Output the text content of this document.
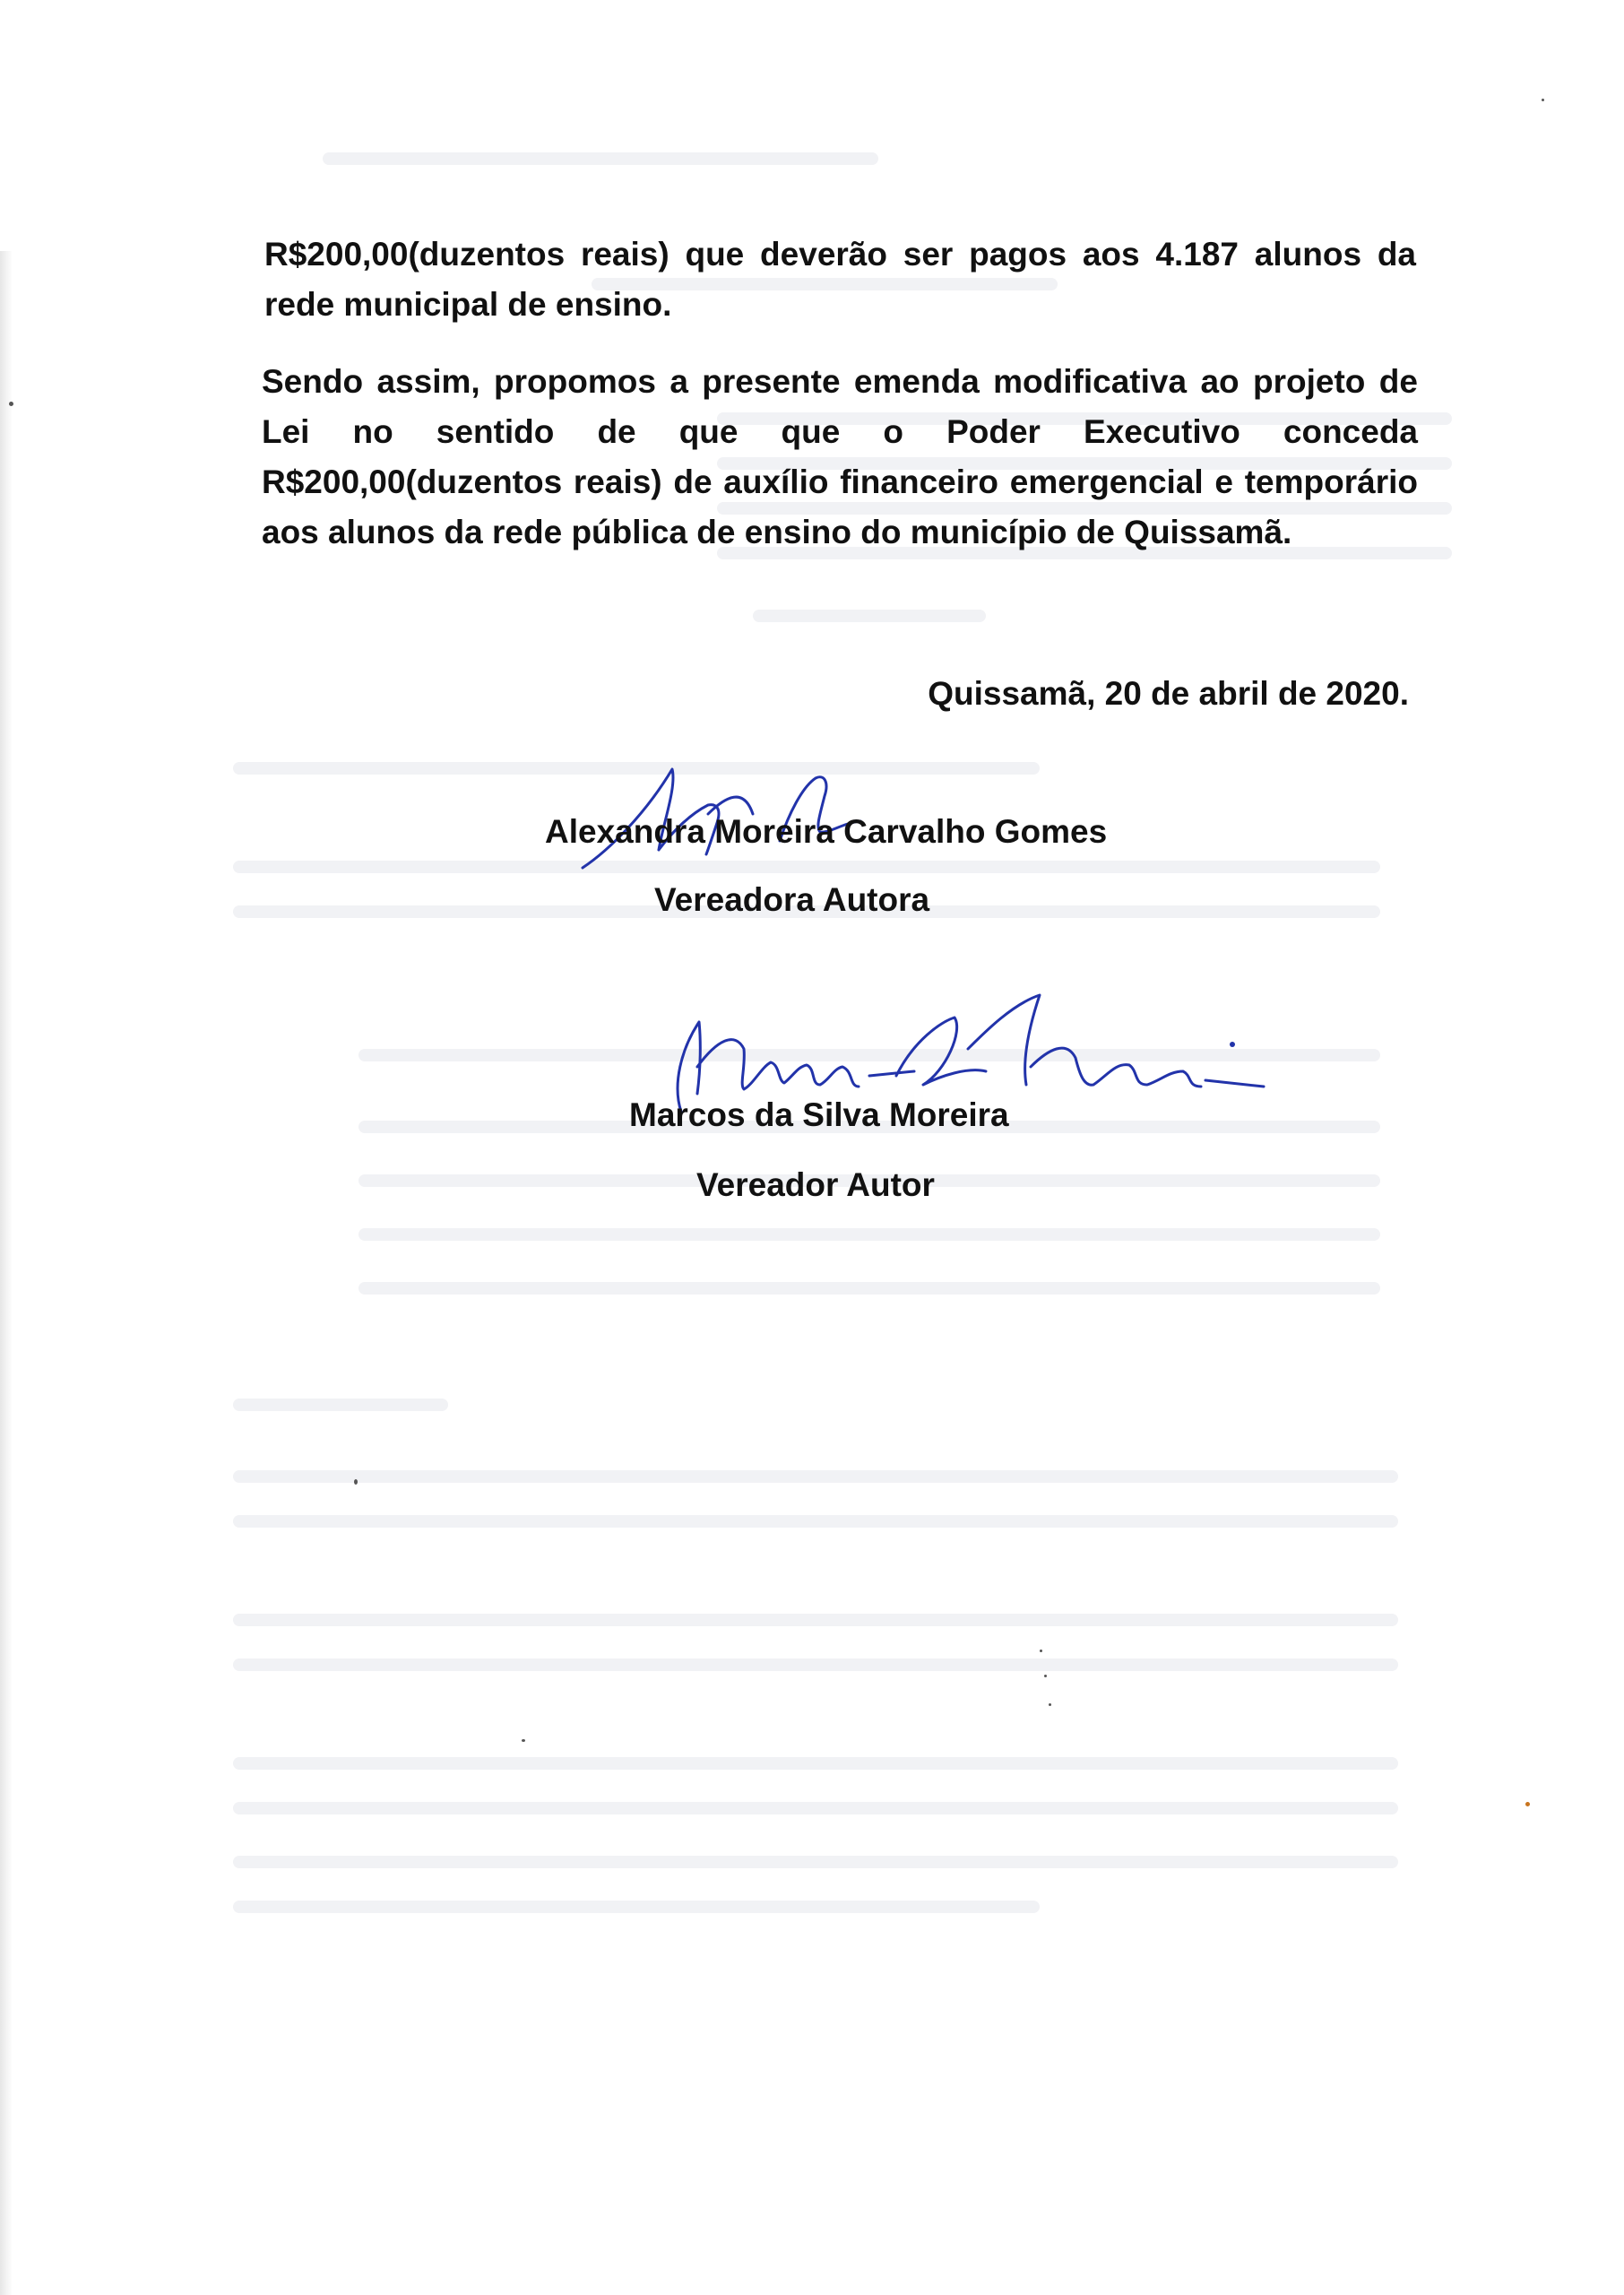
R$200,00(duzentos reais) que deverão ser pagos aos 4.187 alunos da rede municipal de ensino.

Sendo assim, propomos a presente emenda modificativa ao projeto de Lei no sentido de que que o Poder Executivo conceda R$200,00(duzentos reais) de auxílio financeiro emergencial e temporário aos alunos da rede pública de ensino do município de Quissamã.

Quissamã, 20 de abril de 2020.
Alexandra Moreira Carvalho Gomes
Vereadora Autora
Marcos da Silva Moreira
Vereador Autor
